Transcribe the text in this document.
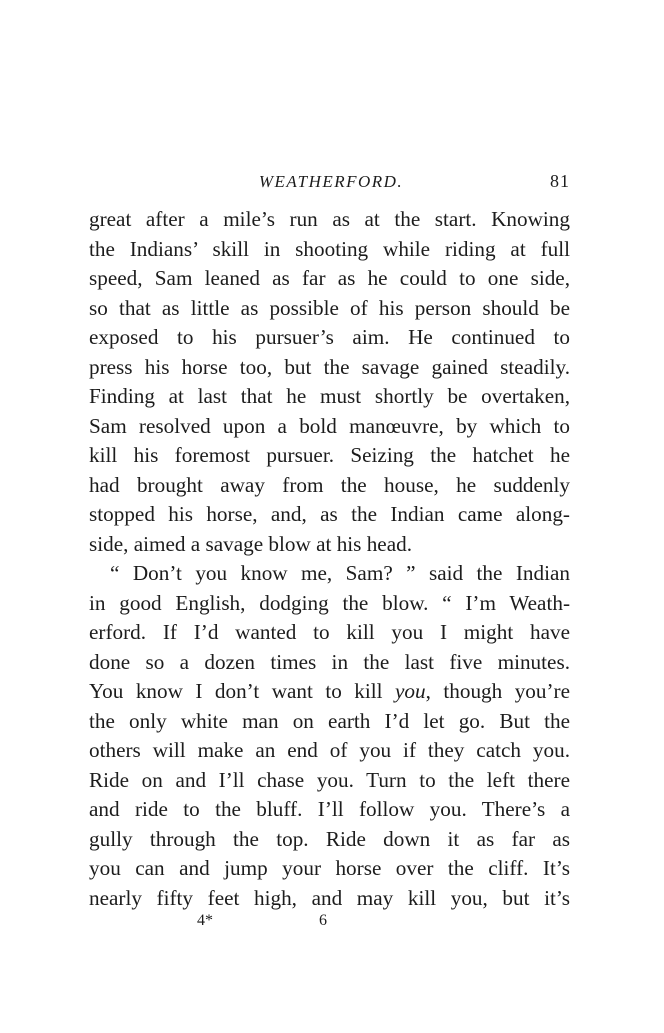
WEATHERFORD.	81
great after a mile’s run as at the start. Knowing
the Indians’ skill in shooting while riding at full
speed, Sam leaned as far as he could to one side,
so that as little as possible of his person should be
exposed to his pursuer’s aim. He continued to
press his horse too, but the savage gained steadily.
Finding at last that he must shortly be overtaken,
Sam resolved upon a bold manœuvre, by which to
kill his foremost pursuer. Seizing the hatchet he
had brought away from the house, he suddenly
stopped his horse, and, as the Indian came along-
side, aimed a savage blow at his head.
“ Don’t you know me, Sam? ” said the Indian
in good English, dodging the blow. “ I’m Weath-
erford. If I’d wanted to kill you I might have
done so a dozen times in the last five minutes.
You know I don’t want to kill you, though you’re
the only white man on earth I’d let go. But the
others will make an end of you if they catch you.
Ride on and I’ll chase you. Turn to the left there
and ride to the bluff. I’ll follow you. There’s a
gully through the top. Ride down it as far as
you can and jump your horse over the cliff. It’s
nearly fifty feet high, and may kill you, but it’s
4*	6
